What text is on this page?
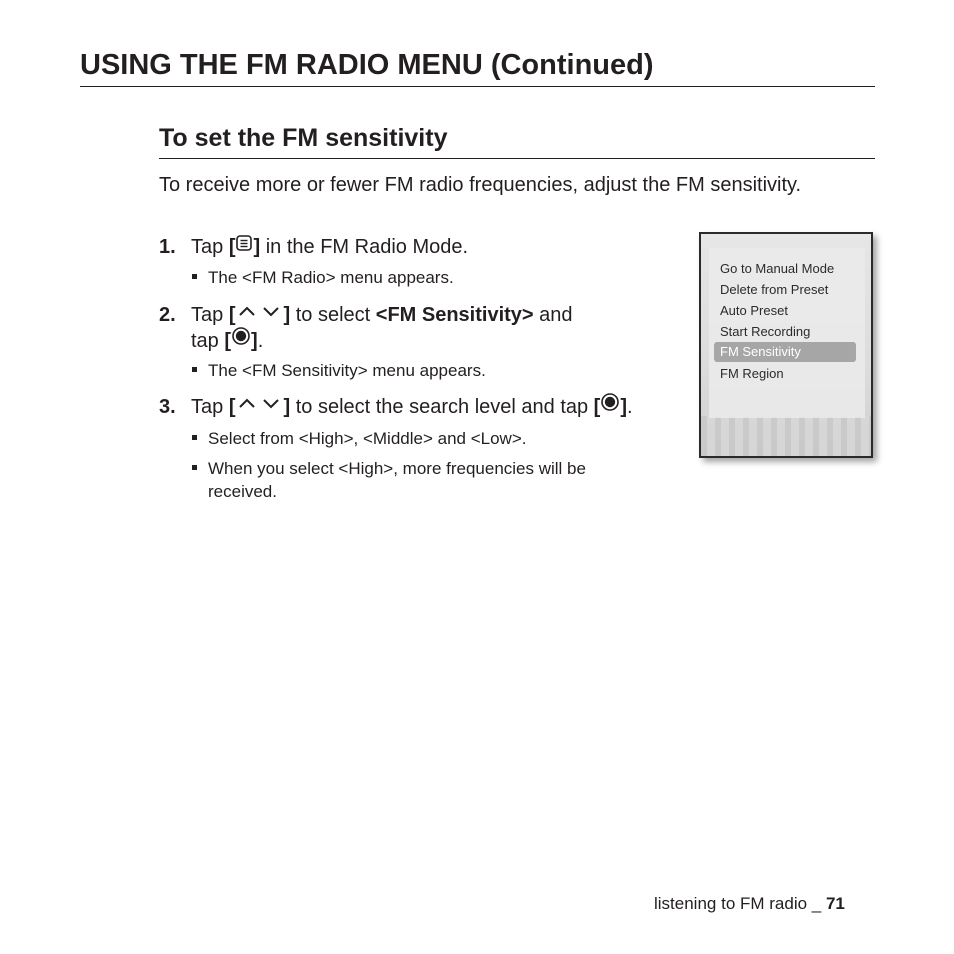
USING THE FM RADIO MENU (Continued)
To set the FM sensitivity
To receive more or fewer FM radio frequencies, adjust the FM sensitivity.
1. Tap [ ] in the FM Radio Mode.
The <FM Radio> menu appears.
2. Tap [ ] to select <FM Sensitivity> and
tap [ ].
The <FM Sensitivity> menu appears.
3. Tap [ ] to select the search level and tap [ ].
Select from <High>, <Middle> and <Low>.
When you select <High>, more frequencies will be
received.
Go to Manual Mode
Delete from Preset
Auto Preset
Start Recording
FM Sensitivity
FM Region
listening to FM radio _ 71
